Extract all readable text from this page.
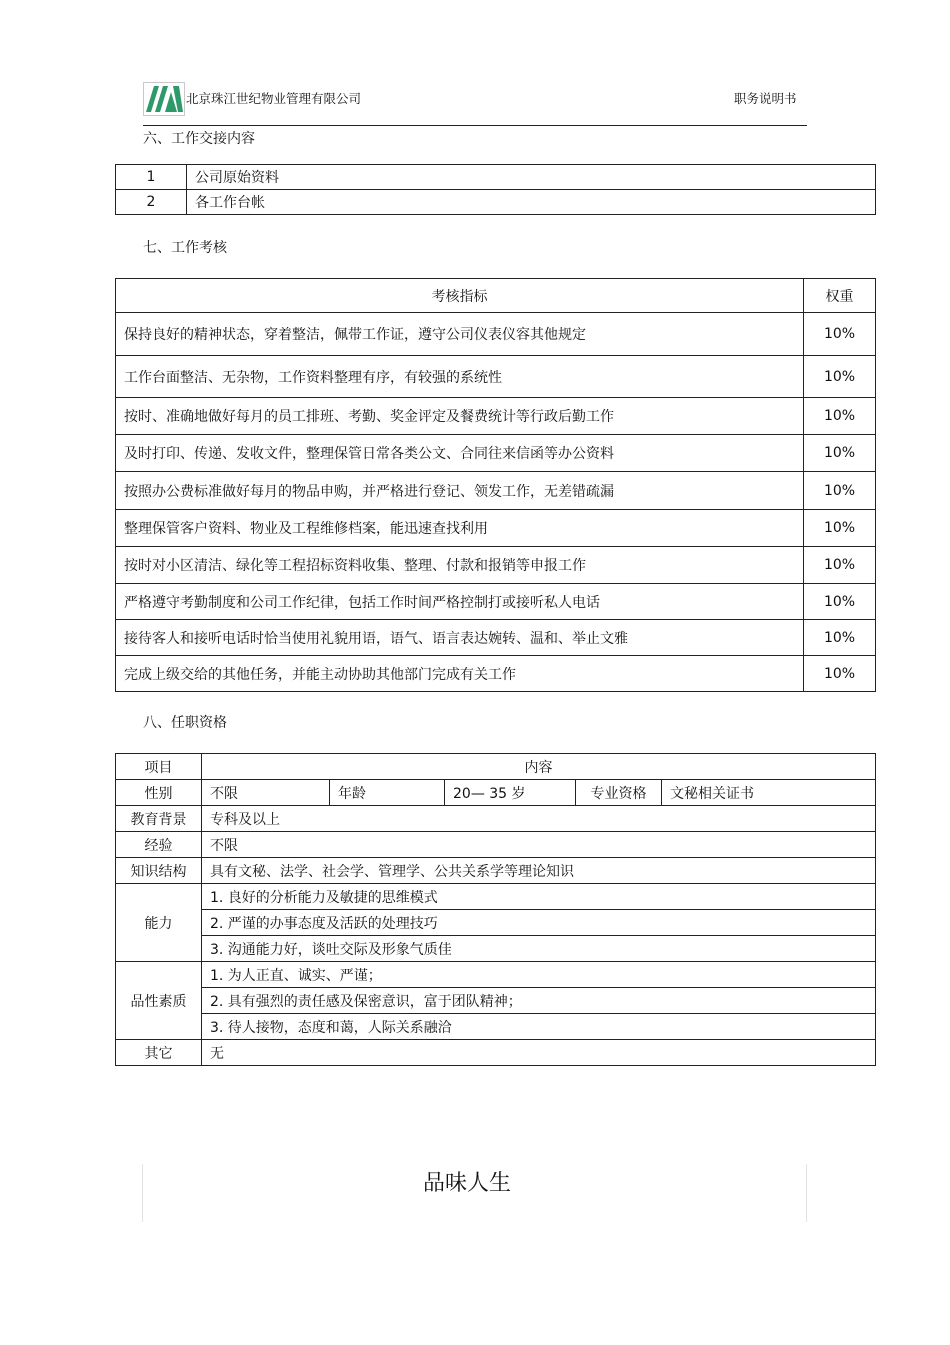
北京珠江世纪物业管理有限公司	职务说明书
六、工作交接内容
1	公司原始资料
2	各工作台帐
七、工作考核
考核指标	权重
保持良好的精神状态，穿着整洁，佩带工作证，遵守公司仪表仪容其他规定	10%
工作台面整洁、无杂物，工作资料整理有序，有较强的系统性	10%
按时、准确地做好每月的员工排班、考勤、奖金评定及餐费统计等行政后勤工作	10%
及时打印、传递、发收文件，整理保管日常各类公文、合同往来信函等办公资料	10%
按照办公费标准做好每月的物品申购，并严格进行登记、领发工作，无差错疏漏	10%
整理保管客户资料、物业及工程维修档案，能迅速查找利用	10%
按时对小区清洁、绿化等工程招标资料收集、整理、付款和报销等申报工作	10%
严格遵守考勤制度和公司工作纪律，包括工作时间严格控制打或接听私人电话	10%
接待客人和接听电话时恰当使用礼貌用语，语气、语言表达婉转、温和、举止文雅	10%
完成上级交给的其他任务，并能主动协助其他部门完成有关工作	10%
八、任职资格
项目	内容				
性别	不限	年龄	20— 35 岁	专业资格	文秘相关证书
教育背景	专科及以上				
经验	不限				
知识结构	具有文秘、法学、社会学、管理学、公共关系学等理论知识				
能力	1. 良好的分析能力及敏捷的思维模式				
	2. 严谨的办事态度及活跃的处理技巧				
	3. 沟通能力好，谈吐交际及形象气质佳				
品性素质	1. 为人正直、诚实、严谨；				
	2. 具有强烈的责任感及保密意识，富于团队精神；				
	3. 待人接物，态度和蔼，人际关系融洽				
其它	无				
品味人生
